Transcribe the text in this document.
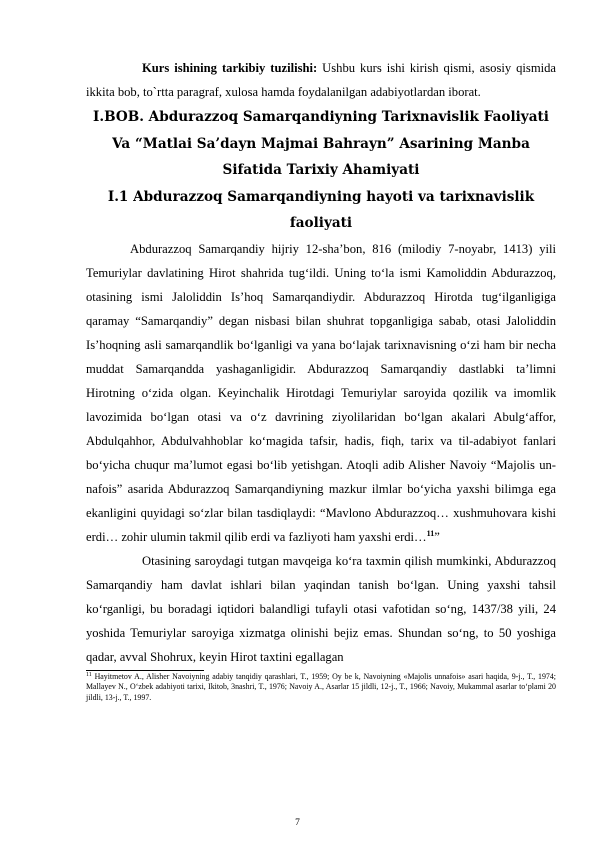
Kurs ishining tarkibiy tuzilishi: Ushbu kurs ishi kirish qismi, asosiy qismida ikkita bob, to`rtta paragraf, xulosa hamda foydalanilgan adabiyotlardan iborat.

I.BOB. Abdurazzoq Samarqandiyning Tarixnavislik Faoliyati Va “Matlai Sa’dayn Majmai Bahrayn” Asarining Manba Sifatida Tarixiy Ahamiyati
I.1 Abdurazzoq Samarqandiyning hayoti va tarixnavislik faoliyati

Abdurazzoq Samarqandiy hijriy 12-sha’bon, 816 (milodiy 7-noyabr, 1413) yili Temuriylar davlatining Hirot shahrida tug‘ildi. Uning to‘la ismi Kamoliddin Abdurazzoq, otasining ismi Jaloliddin Is’hoq Samarqandiydir. Abdurazzoq Hirotda tug‘ilganligiga qaramay “Samarqandiy” degan nisbasi bilan shuhrat topganligiga sabab, otasi Jaloliddin Is’hoqning asli samarqandlik bo‘lganligi va yana bo‘lajak tarixnavisning o‘zi ham bir necha muddat Samarqandda yashaganligidir. Abdurazzoq Samarqandiy dastlabki ta’limni Hirotning o‘zida olgan. Keyinchalik Hirotdagi Temuriylar saroyida qozilik va imomlik lavozimida bo‘lgan otasi va o‘z davrining ziyolilaridan bo‘lgan akalari Abulg‘affor, Abdulqahhor, Abdulvahhoblar ko‘magida tafsir, hadis, fiqh, tarix va til-adabiyot fanlari bo‘yicha chuqur ma’lumot egasi bo‘lib yetishgan. Atoqli adib Alisher Navoiy “Majolis un-nafois” asarida Abdurazzoq Samarqandiyning mazkur ilmlar bo‘yicha yaxshi bilimga ega ekanligini quyidagi so‘zlar bilan tasdiqlaydi: “Mavlono Abdurazzoq… xushmuhovara kishi erdi… zohir ulumin takmil qilib erdi va fazliyoti ham yaxshi erdi…$^{11}$”

Otasining saroydagi tutgan mavqeiga ko‘ra taxmin qilish mumkinki, Abdurazzoq Samarqandiy ham davlat ishlari bilan yaqindan tanish bo‘lgan. Uning yaxshi tahsil ko‘rganligi, bu boradagi iqtidori balandligi tufayli otasi vafotidan so‘ng, 1437/38 yili, 24 yoshida Temuriylar saroyiga xizmatga olinishi bejiz emas. Shundan so‘ng, to 50 yoshiga qadar, avval Shohrux, keyin Hirot taxtini egallagan

$^{11}$ Hayitmetov A., Alisher Navoiyning adabiy tanqidiy qarashlari, T., 1959; Oy be k, Navoiyning «Majolis unnafois» asari haqida, 9-j., T., 1974; Mallayev N., O‘zbek adabiyoti tarixi, Ikitob, 3nashri, T., 1976; Navoiy A., Asarlar 15 jildli, 12-j., T., 1966; Navoiy, Mukammal asarlar to‘plami 20 jildli, 13-j., T., 1997.
7
